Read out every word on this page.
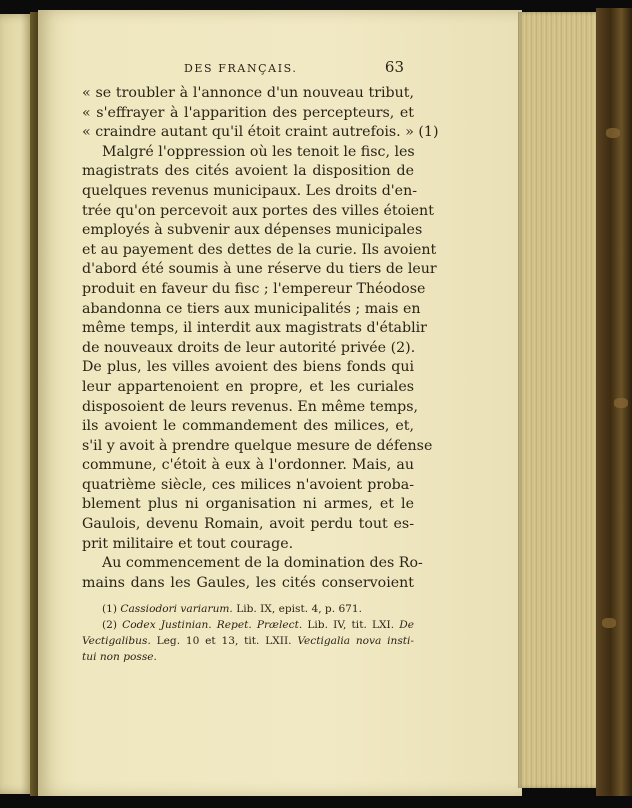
DES FRANÇAIS.	63
« se troubler à l'annonce d'un nouveau tribut,
« s'effrayer à l'apparition des percepteurs, et
« craindre autant qu'il étoit craint autrefois. » (1)
Malgré l'oppression où les tenoit le fisc, les
magistrats des cités avoient la disposition de
quelques revenus municipaux. Les droits d'en-
trée qu'on percevoit aux portes des villes étoient
employés à subvenir aux dépenses municipales
et au payement des dettes de la curie. Ils avoient
d'abord été soumis à une réserve du tiers de leur
produit en faveur du fisc ; l'empereur Théodose
abandonna ce tiers aux municipalités ; mais en
même temps, il interdit aux magistrats d'établir
de nouveaux droits de leur autorité privée (2).
De plus, les villes avoient des biens fonds qui
leur appartenoient en propre, et les curiales
disposoient de leurs revenus. En même temps,
ils avoient le commandement des milices, et,
s'il y avoit à prendre quelque mesure de défense
commune, c'étoit à eux à l'ordonner. Mais, au
quatrième siècle, ces milices n'avoient proba-
blement plus ni organisation ni armes, et le
Gaulois, devenu Romain, avoit perdu tout es-
prit militaire et tout courage.
Au commencement de la domination des Ro-
mains dans les Gaules, les cités conservoient
(1) Cassiodori variarum. Lib. IX, epist. 4, p. 671.
(2) Codex Justinian. Repet. Prælect. Lib. IV, tit. LXI. De
Vectigalibus. Leg. 10 et 13, tit. LXII. Vectigalia nova insti-
tui non posse.
